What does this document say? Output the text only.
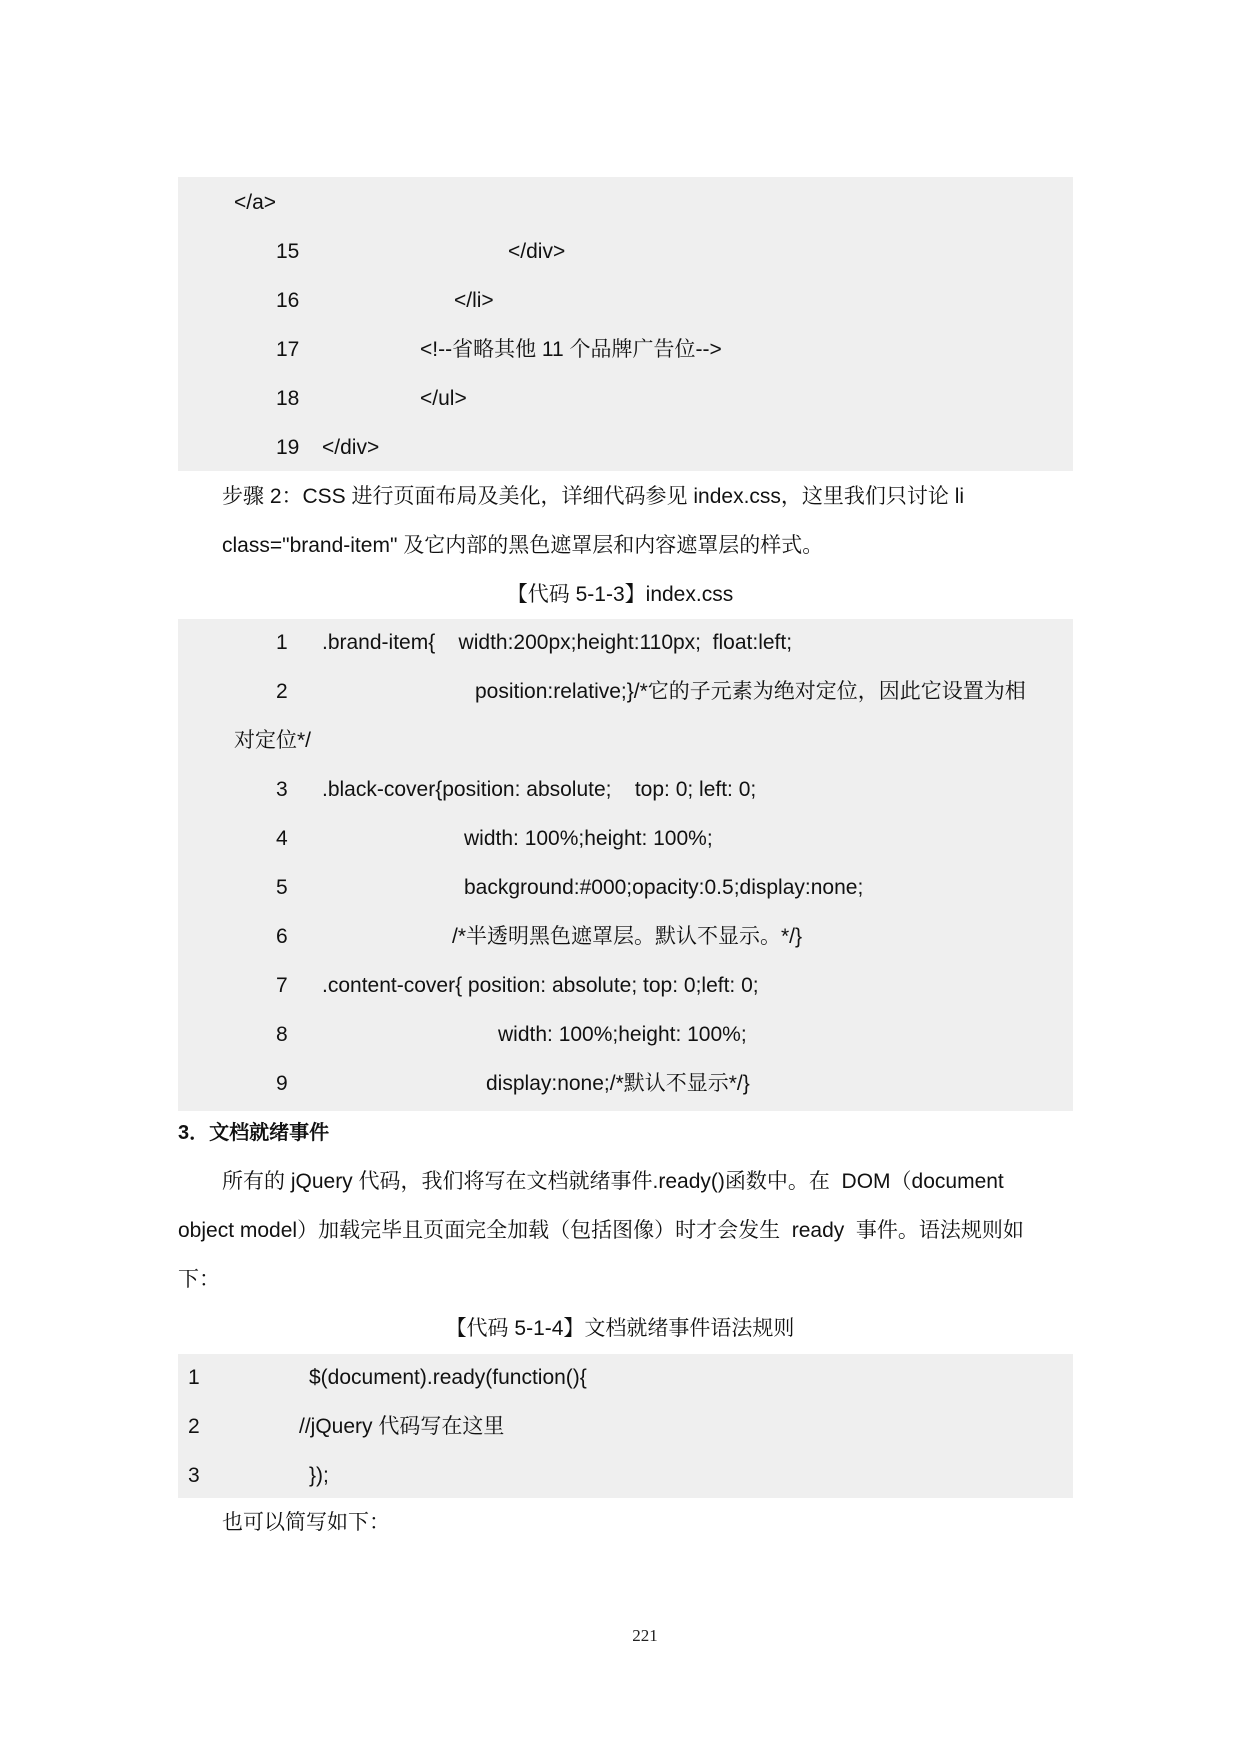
</a>
15	</div>
16	</li>
17	<!--省略其他 11 个品牌广告位-->
18	</ul>
19 </div>
步骤 2：CSS 进行页面布局及美化，详细代码参见 index.css，这里我们只讨论 li
class="brand-item" 及它内部的黑色遮罩层和内容遮罩层的样式。
【代码 5-1-3】index.css
1 .brand-item{    width:200px;height:110px;  float:left;
2	position:relative;}/*它的子元素为绝对定位，因此它设置为相
对定位*/
3 .black-cover{position: absolute;    top: 0; left: 0;
4	width: 100%;height: 100%;
5	background:#000;opacity:0.5;display:none;
6	/*半透明黑色遮罩层。默认不显示。*/}
7 .content-cover{ position: absolute; top: 0;left: 0;
8	width: 100%;height: 100%;
9	display:none;/*默认不显示*/}
3．文档就绪事件
所有的 jQuery 代码，我们将写在文档就绪事件.ready()函数中。在  DOM（document
object model）加载完毕且页面完全加载（包括图像）时才会发生  ready  事件。语法规则如
下：
【代码 5-1-4】文档就绪事件语法规则
1	$(document).ready(function(){
2	//jQuery 代码写在这里
3	});
也可以简写如下：
221
